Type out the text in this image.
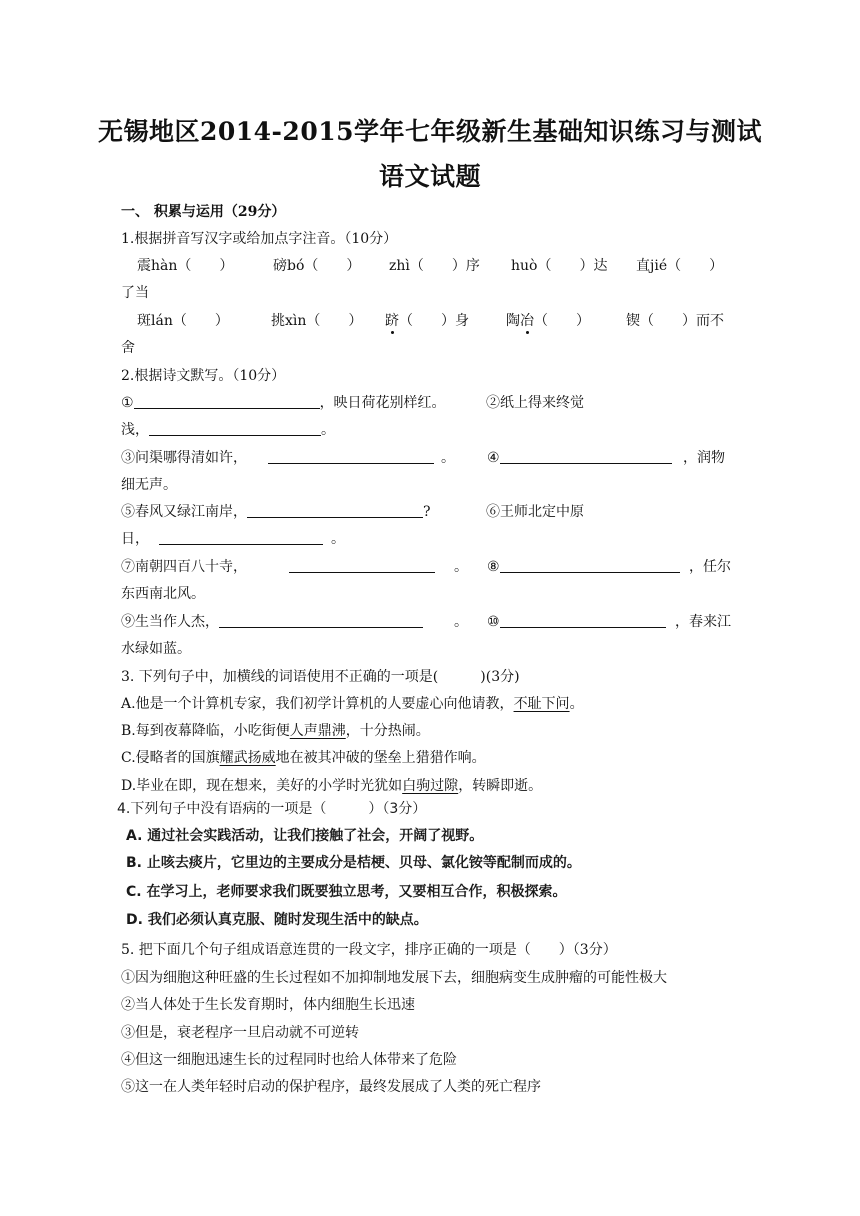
无锡地区2014-2015学年七年级新生基础知识练习与测试
语文试题
一、 积累与运用（29分）
1.根据拼音写汉字或给加点字注音。（10分）
震hàn（　　）	磅bó（　　） zhì（　　）序 huò（　　）达 直jié（　　）
了当
斑lán（　　）	挑xìn（　　） 跻（　　）身	陶冶（　　）	锲（　　）而不
舍
2.根据诗文默写。（10分）
①	，映日荷花别样红。	②纸上得来终觉
浅，	。
③问渠哪得清如许，	。 ④	，润物
细无声。
⑤春风又绿江南岸，	?	⑥王师北定中原
日，	。
⑦南朝四百八十寺，	。 ⑧	，任尔
东西南北风。
⑨生当作人杰，	。 ⑩	，春来江
水绿如蓝。
3. 下列句子中，加横线的词语使用不正确的一项是(　　　)(3分)
A.他是一个计算机专家，我们初学计算机的人要虚心向他请教，不耻下问。
B.每到夜幕降临，小吃街便人声鼎沸，十分热闹。
C.侵略者的国旗耀武扬威地在被其冲破的堡垒上猎猎作响。
D.毕业在即，现在想来，美好的小学时光犹如白驹过隙，转瞬即逝。
4.下列句子中没有语病的一项是（　　　）（3分）
A. 通过社会实践活动，让我们接触了社会，开阔了视野。
B. 止咳去痰片，它里边的主要成分是桔梗、贝母、氯化铵等配制而成的。
C. 在学习上，老师要求我们既要独立思考，又要相互合作，积极探索。
D. 我们必须认真克服、随时发现生活中的缺点。
5. 把下面几个句子组成语意连贯的一段文字，排序正确的一项是（　　）（3分）
①因为细胞这种旺盛的生长过程如不加抑制地发展下去，细胞病变生成肿瘤的可能性极大
②当人体处于生长发育期时，体内细胞生长迅速
③但是，衰老程序一旦启动就不可逆转
④但这一细胞迅速生长的过程同时也给人体带来了危险
⑤这一在人类年轻时启动的保护程序，最终发展成了人类的死亡程序
